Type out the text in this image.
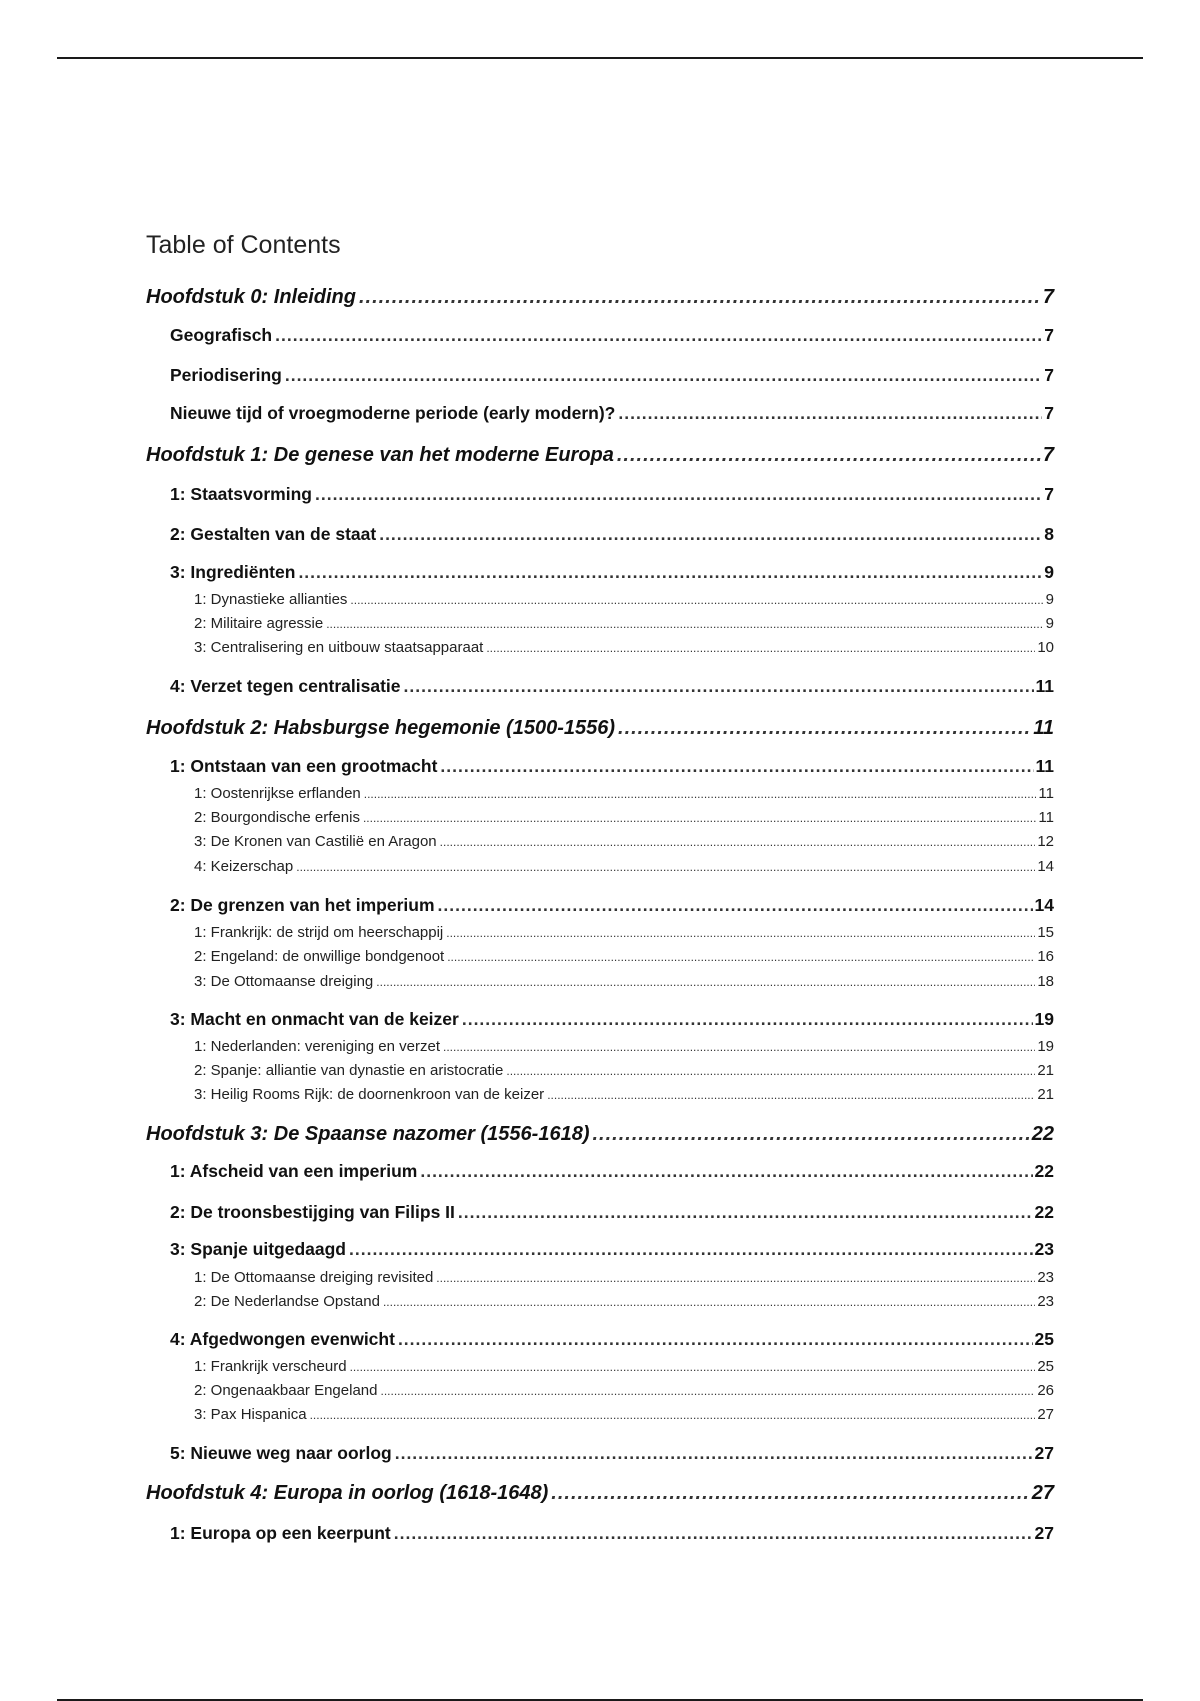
Table of Contents
Hoofdstuk 0: Inleiding .....	7
Geografisch .....	7
Periodisering .....	7
Nieuwe tijd of vroegmoderne periode (early modern)? .....	7
Hoofdstuk 1: De genese van het moderne Europa .....	7
1: Staatsvorming .....	7
2: Gestalten van de staat .....	8
3: Ingrediënten .....	9
1: Dynastieke allianties .....	9
2: Militaire agressie .....	9
3: Centralisering en uitbouw staatsapparaat .....	10
4: Verzet tegen centralisatie .....	11
Hoofdstuk 2: Habsburgse hegemonie (1500-1556) .....	11
1: Ontstaan van een grootmacht .....	11
1: Oostenrijkse erflanden .....	11
2: Bourgondische erfenis .....	11
3: De Kronen van Castilië en Aragon .....	12
4: Keizerschap .....	14
2: De grenzen van het imperium .....	14
1: Frankrijk: de strijd om heerschappij .....	15
2: Engeland: de onwillige bondgenoot .....	16
3: De Ottomaanse dreiging .....	18
3: Macht en onmacht van de keizer .....	19
1: Nederlanden: vereniging en verzet .....	19
2: Spanje: alliantie van dynastie en aristocratie .....	21
3: Heilig Rooms Rijk: de doornenkroon van de keizer .....	21
Hoofdstuk 3: De Spaanse nazomer (1556-1618) .....	22
1: Afscheid van een imperium .....	22
2: De troonsbestijging van Filips II .....	22
3: Spanje uitgedaagd .....	23
1: De Ottomaanse dreiging revisited .....	23
2: De Nederlandse Opstand .....	23
4: Afgedwongen evenwicht .....	25
1: Frankrijk verscheurd .....	25
2: Ongenaakbaar Engeland .....	26
3: Pax Hispanica .....	27
5: Nieuwe weg naar oorlog .....	27
Hoofdstuk 4: Europa in oorlog (1618-1648) .....	27
1: Europa op een keerpunt .....	27
